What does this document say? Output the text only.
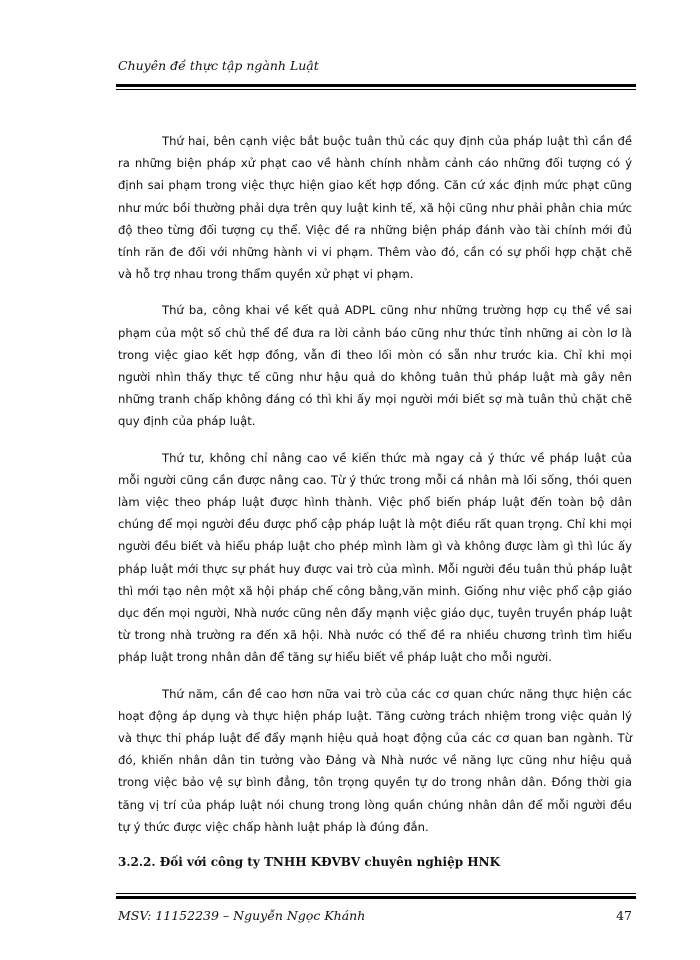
Chuyên đề thực tập ngành Luật

Thứ hai, bên cạnh việc bắt buộc tuân thủ các quy định của pháp luật thì cần đề ra những biện pháp xử phạt cao về hành chính nhằm cảnh cáo những đối tượng có ý định sai phạm trong việc thực hiện giao kết hợp đồng. Căn cứ xác định mức phạt cũng như mức bồi thường phải dựa trên quy luật kinh tế, xã hội cũng như phải phân chia mức độ theo từng đối tượng cụ thể. Việc đề ra những biện pháp đánh vào tài chính mới đủ tính răn đe đối với những hành vi vi phạm. Thêm vào đó, cần có sự phối hợp chặt chẽ và hỗ trợ nhau trong thẩm quyền xử phạt vi phạm.

Thứ ba, công khai về kết quả ADPL cũng như những trường hợp cụ thể về sai phạm của một số chủ thể để đưa ra lời cảnh báo cũng như thức tỉnh những ai còn lơ là trong việc giao kết hợp đồng, vẫn đi theo lối mòn có sẵn như trước kia. Chỉ khi mọi người nhìn thấy thực tế cũng như hậu quả do không tuân thủ pháp luật mà gây nên những tranh chấp không đáng có thì khi ấy mọi người mới biết sợ mà tuân thủ chặt chẽ quy định của pháp luật.

Thứ tư, không chỉ nâng cao về kiến thức mà ngay cả ý thức về pháp luật của mỗi người cũng cần được nâng cao. Từ ý thức trong mỗi cá nhân mà lối sống, thói quen làm việc theo pháp luật được hình thành. Việc phổ biến pháp luật đến toàn bộ dân chúng để mọi người đều được phổ cập pháp luật là một điều rất quan trọng. Chỉ khi mọi người đều biết và hiểu pháp luật cho phép mình làm gì và không được làm gì thì lúc ấy pháp luật mới thực sự phát huy được vai trò của mình. Mỗi người đều tuân thủ pháp luật thì mới tạo nên một xã hội pháp chế công bằng,văn minh. Giống như việc phổ cập giáo dục đến mọi người, Nhà nước cũng nên đẩy mạnh việc giáo dục, tuyên truyền pháp luật từ trong nhà trường ra đến xã hội. Nhà nước có thể đề ra nhiều chương trình tìm hiểu pháp luật trong nhân dân để tăng sự hiểu biết về pháp luật cho mỗi người.

Thứ năm, cần đề cao hơn nữa vai trò của các cơ quan chức năng thực hiện các hoạt động áp dụng và thực hiện pháp luật. Tăng cường trách nhiệm trong việc quản lý và thực thi pháp luật để đẩy mạnh hiệu quả hoạt động của các cơ quan ban ngành. Từ đó, khiến nhân dân tin tưởng vào Đảng và Nhà nước về năng lực cũng như hiệu quả trong việc bảo vệ sự bình đẳng, tôn trọng quyền tự do trong nhân dân. Đồng thời gia tăng vị trí của pháp luật nói chung trong lòng quần chúng nhân dân để mỗi người đều tự ý thức được việc chấp hành luật pháp là đúng đắn.

3.2.2. Đối với công ty TNHH KĐVBV chuyên nghiệp HNK

MSV: 11152239 – Nguyễn Ngọc Khánh	47
